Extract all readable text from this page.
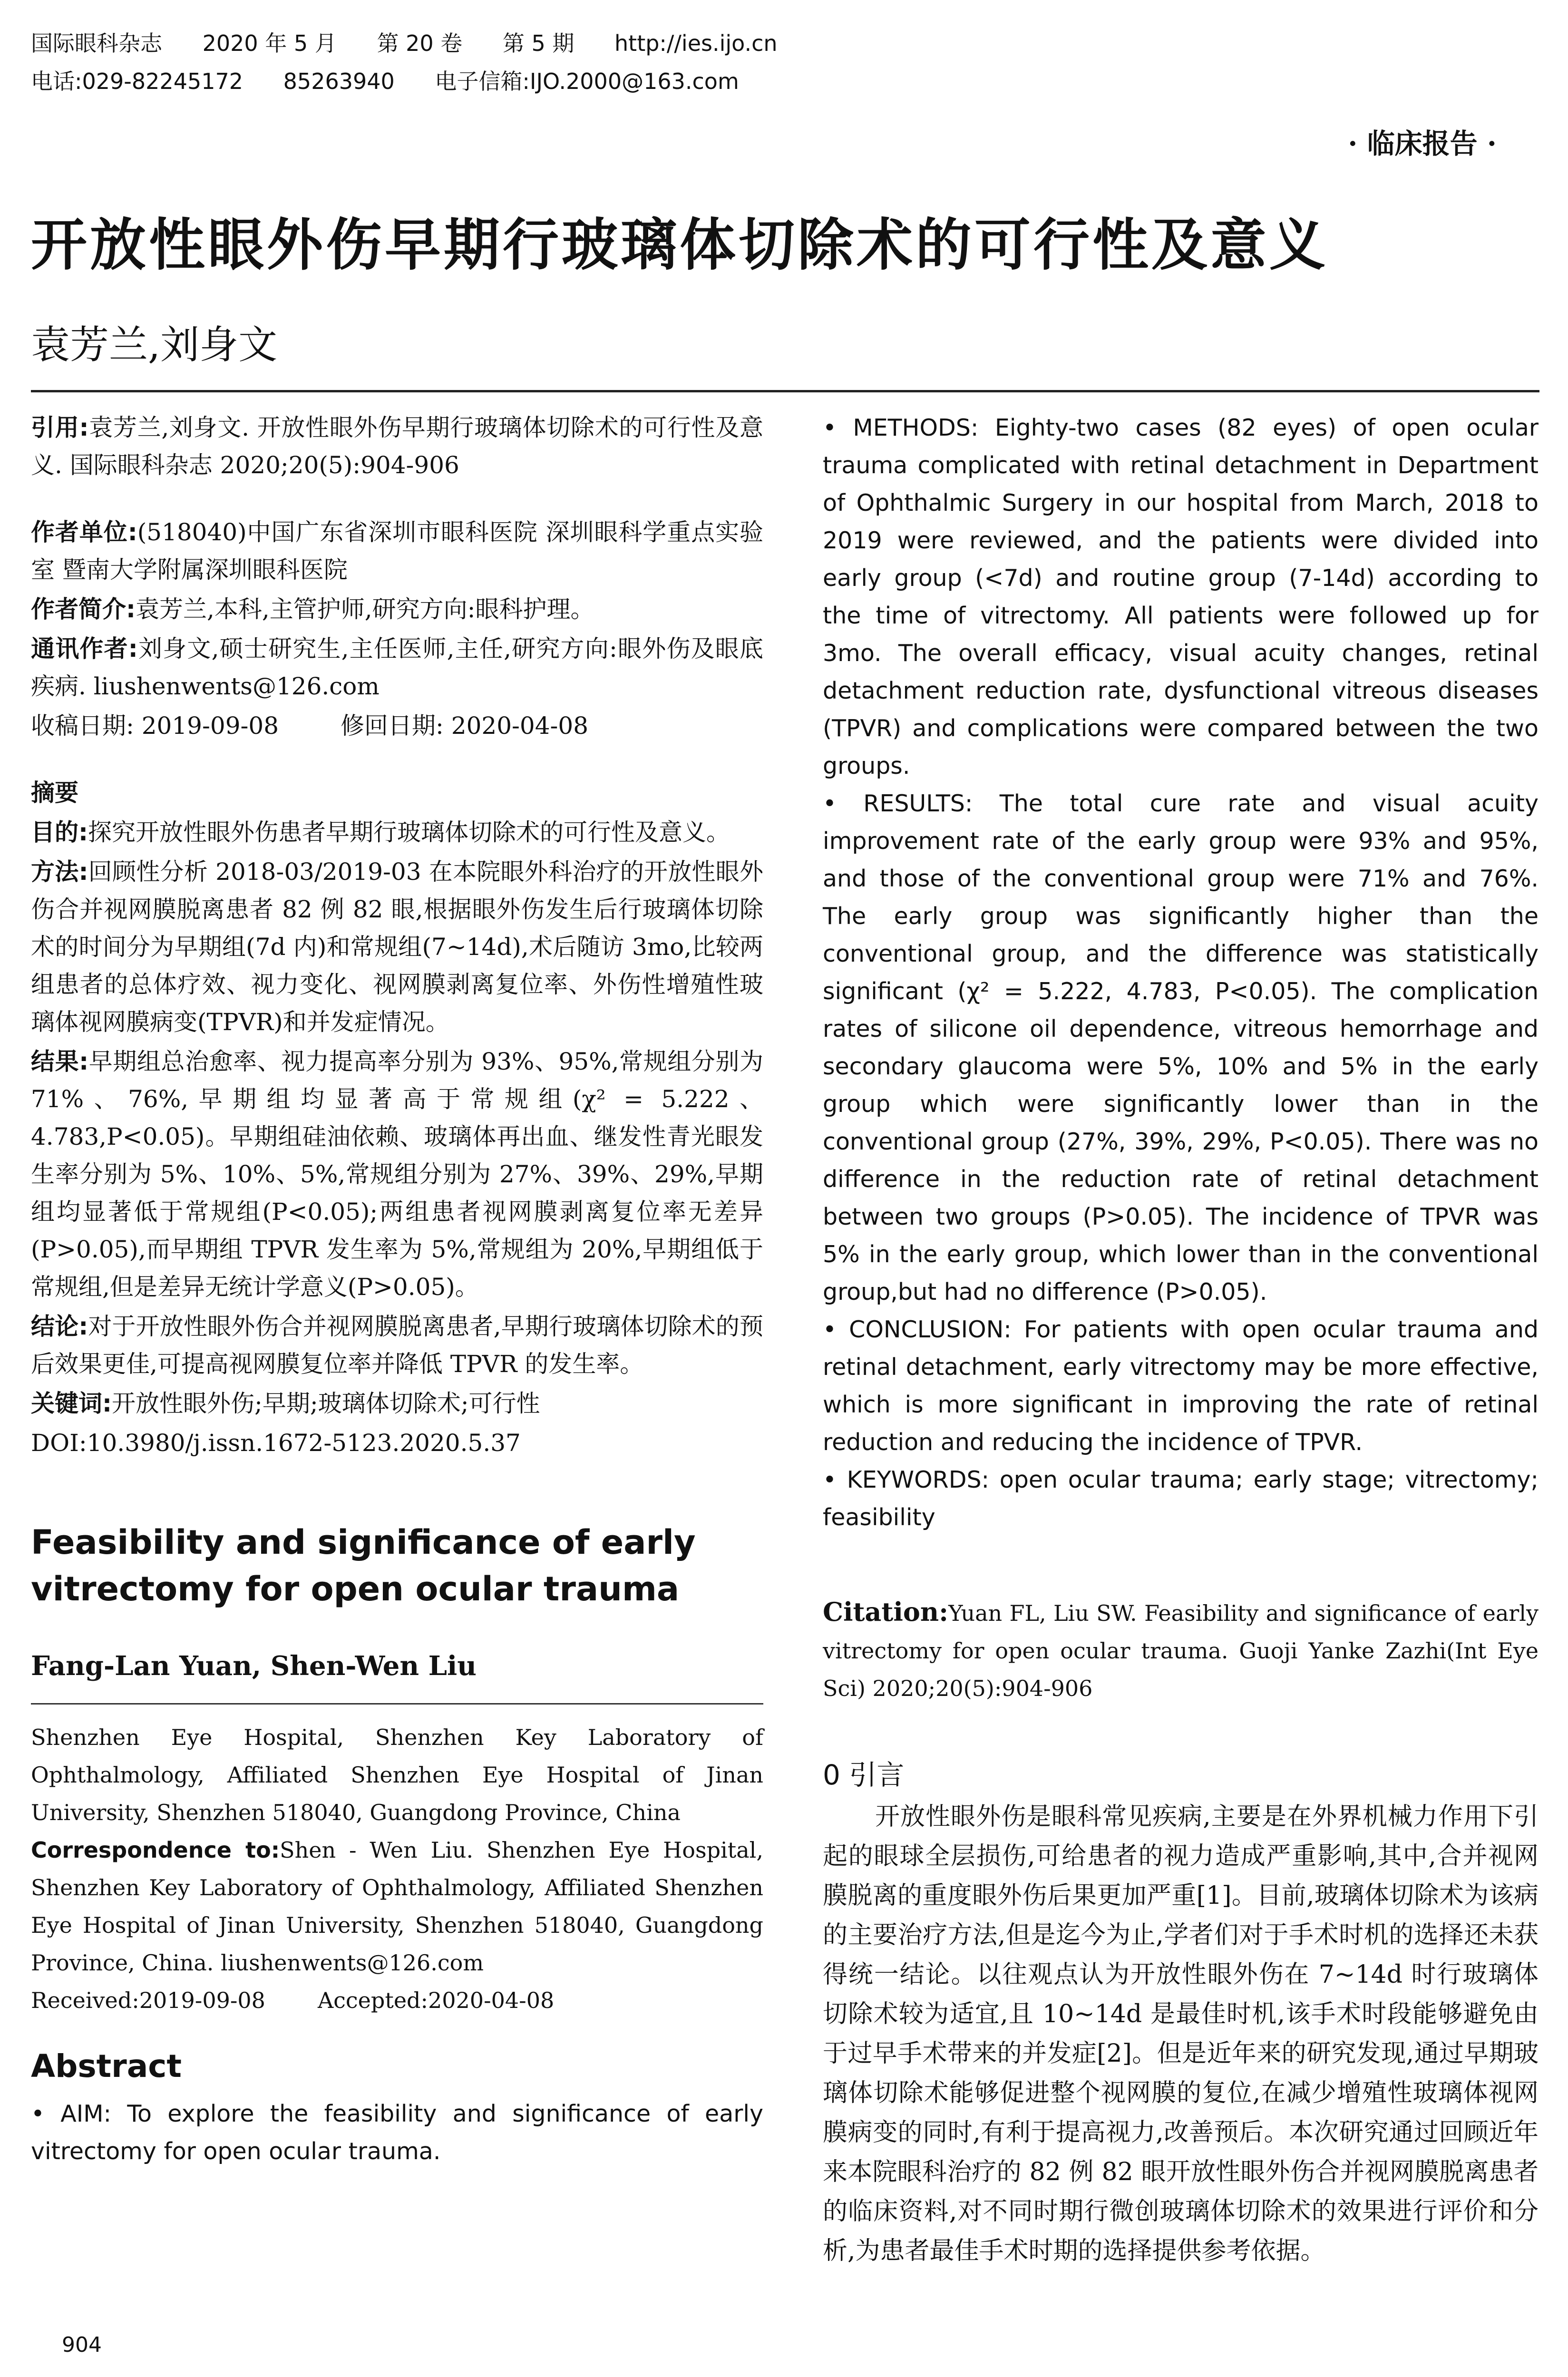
国际眼科杂志 2020 年 5 月 第 20 卷 第 5 期 http://ies.ijo.cn
电话:029-82245172 85263940 电子信箱:IJO.2000@163.com
· 临床报告 ·
开放性眼外伤早期行玻璃体切除术的可行性及意义
袁芳兰,刘身文

引用:袁芳兰,刘身文. 开放性眼外伤早期行玻璃体切除术的可行性及意义. 国际眼科杂志 2020;20(5):904-906

作者单位:(518040)中国广东省深圳市眼科医院 深圳眼科学重点实验室 暨南大学附属深圳眼科医院

作者简介:袁芳兰,本科,主管护师,研究方向:眼科护理。

通讯作者:刘身文,硕士研究生,主任医师,主任,研究方向:眼外伤及眼底疾病. liushenwents@126.com

收稿日期: 2019-09-08	修回日期: 2020-04-08

摘要

目的:探究开放性眼外伤患者早期行玻璃体切除术的可行性及意义。

方法:回顾性分析 2018-03/2019-03 在本院眼外科治疗的开放性眼外伤合并视网膜脱离患者 82 例 82 眼,根据眼外伤发生后行玻璃体切除术的时间分为早期组(7d 内)和常规组(7~14d),术后随访 3mo,比较两组患者的总体疗效、视力变化、视网膜剥离复位率、外伤性增殖性玻璃体视网膜病变(TPVR)和并发症情况。

结果:早期组总治愈率、视力提高率分别为 93%、95%,常规组分别为 71%、76%,早期组均显著高于常规组(χ² = 5.222、4.783,P<0.05)。早期组硅油依赖、玻璃体再出血、继发性青光眼发生率分别为 5%、10%、5%,常规组分别为 27%、39%、29%,早期组均显著低于常规组(P<0.05);两组患者视网膜剥离复位率无差异(P>0.05),而早期组 TPVR 发生率为 5%,常规组为 20%,早期组低于常规组,但是差异无统计学意义(P>0.05)。

结论:对于开放性眼外伤合并视网膜脱离患者,早期行玻璃体切除术的预后效果更佳,可提高视网膜复位率并降低 TPVR 的发生率。

关键词:开放性眼外伤;早期;玻璃体切除术;可行性

DOI:10.3980/j.issn.1672-5123.2020.5.37

Feasibility and significance of early vitrectomy for open ocular trauma
Fang-Lan Yuan, Shen-Wen Liu

Shenzhen Eye Hospital, Shenzhen Key Laboratory of Ophthalmology, Affiliated Shenzhen Eye Hospital of Jinan University, Shenzhen 518040, Guangdong Province, China

Correspondence to:Shen - Wen Liu. Shenzhen Eye Hospital, Shenzhen Key Laboratory of Ophthalmology, Affiliated Shenzhen Eye Hospital of Jinan University, Shenzhen 518040, Guangdong Province, China. liushenwents@126.com

Received:2019-09-08 Accepted:2020-04-08

Abstract

• AIM: To explore the feasibility and significance of early vitrectomy for open ocular trauma.

• METHODS: Eighty-two cases (82 eyes) of open ocular trauma complicated with retinal detachment in Department of Ophthalmic Surgery in our hospital from March, 2018 to 2019 were reviewed, and the patients were divided into early group (<7d) and routine group (7-14d) according to the time of vitrectomy. All patients were followed up for 3mo. The overall efficacy, visual acuity changes, retinal detachment reduction rate, dysfunctional vitreous diseases (TPVR) and complications were compared between the two groups.

• RESULTS: The total cure rate and visual acuity improvement rate of the early group were 93% and 95%, and those of the conventional group were 71% and 76%. The early group was significantly higher than the conventional group, and the difference was statistically significant (χ² = 5.222, 4.783, P<0.05). The complication rates of silicone oil dependence, vitreous hemorrhage and secondary glaucoma were 5%, 10% and 5% in the early group which were significantly lower than in the conventional group (27%, 39%, 29%, P<0.05). There was no difference in the reduction rate of retinal detachment between two groups (P>0.05). The incidence of TPVR was 5% in the early group, which lower than in the conventional group,but had no difference (P>0.05).

• CONCLUSION: For patients with open ocular trauma and retinal detachment, early vitrectomy may be more effective, which is more significant in improving the rate of retinal reduction and reducing the incidence of TPVR.

• KEYWORDS: open ocular trauma; early stage; vitrectomy; feasibility

Citation:Yuan FL, Liu SW. Feasibility and significance of early vitrectomy for open ocular trauma. Guoji Yanke Zazhi(Int Eye Sci) 2020;20(5):904-906

0 引言

开放性眼外伤是眼科常见疾病,主要是在外界机械力作用下引起的眼球全层损伤,可给患者的视力造成严重影响,其中,合并视网膜脱离的重度眼外伤后果更加严重[1]。目前,玻璃体切除术为该病的主要治疗方法,但是迄今为止,学者们对于手术时机的选择还未获得统一结论。以往观点认为开放性眼外伤在 7~14d 时行玻璃体切除术较为适宜,且 10~14d 是最佳时机,该手术时段能够避免由于过早手术带来的并发症[2]。但是近年来的研究发现,通过早期玻璃体切除术能够促进整个视网膜的复位,在减少增殖性玻璃体视网膜病变的同时,有利于提高视力,改善预后。本次研究通过回顾近年来本院眼科治疗的 82 例 82 眼开放性眼外伤合并视网膜脱离患者的临床资料,对不同时期行微创玻璃体切除术的效果进行评价和分析,为患者最佳手术时期的选择提供参考依据。

904
